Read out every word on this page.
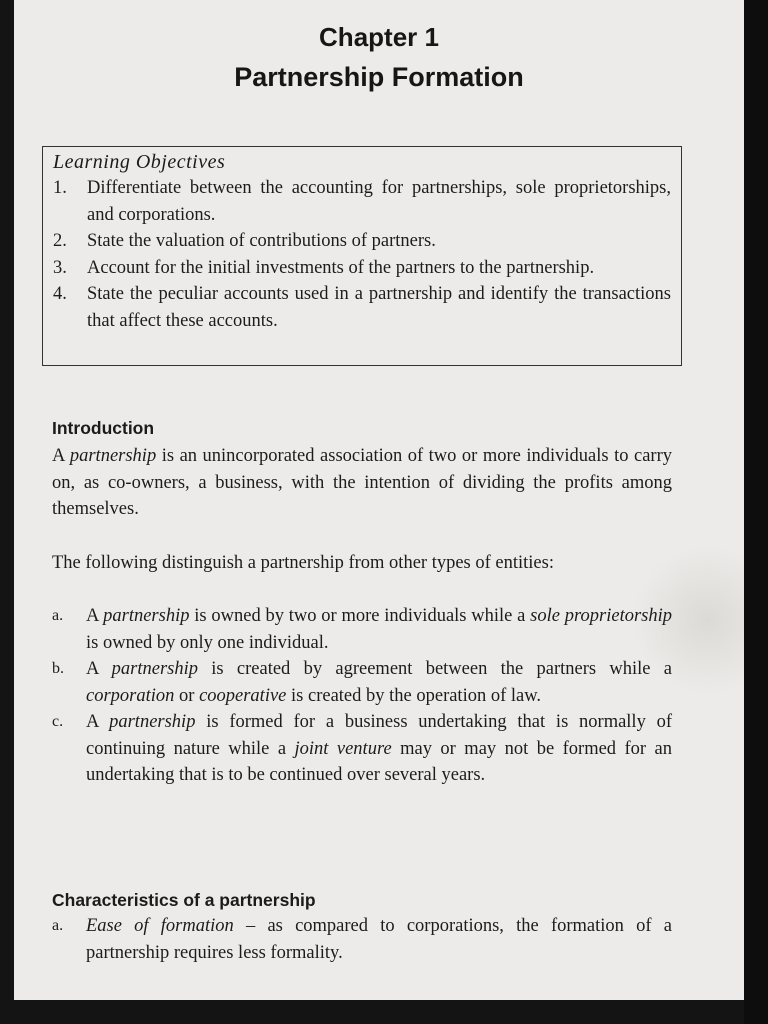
Chapter 1
Partnership Formation

Learning Objectives

1.	Differentiate between the accounting for partnerships, sole proprietorships, and corporations.
2.	State the valuation of contributions of partners.
3.	Account for the initial investments of the partners to the partnership.
4.	State the peculiar accounts used in a partnership and identify the transactions that affect these accounts.
Introduction

A partnership is an unincorporated association of two or more individuals to carry on, as co-owners, a business, with the intention of dividing the profits among themselves.

The following distinguish a partnership from other types of entities:

a.	A partnership is owned by two or more individuals while a sole proprietorship is owned by only one individual.
b.	A partnership is created by agreement between the partners while a corporation or cooperative is created by the operation of law.
c.	A partnership is formed for a business undertaking that is normally of continuing nature while a joint venture may or may not be formed for an undertaking that is to be continued over several years.
Characteristics of a partnership
a.	Ease of formation – as compared to corporations, the formation of a partnership requires less formality.
